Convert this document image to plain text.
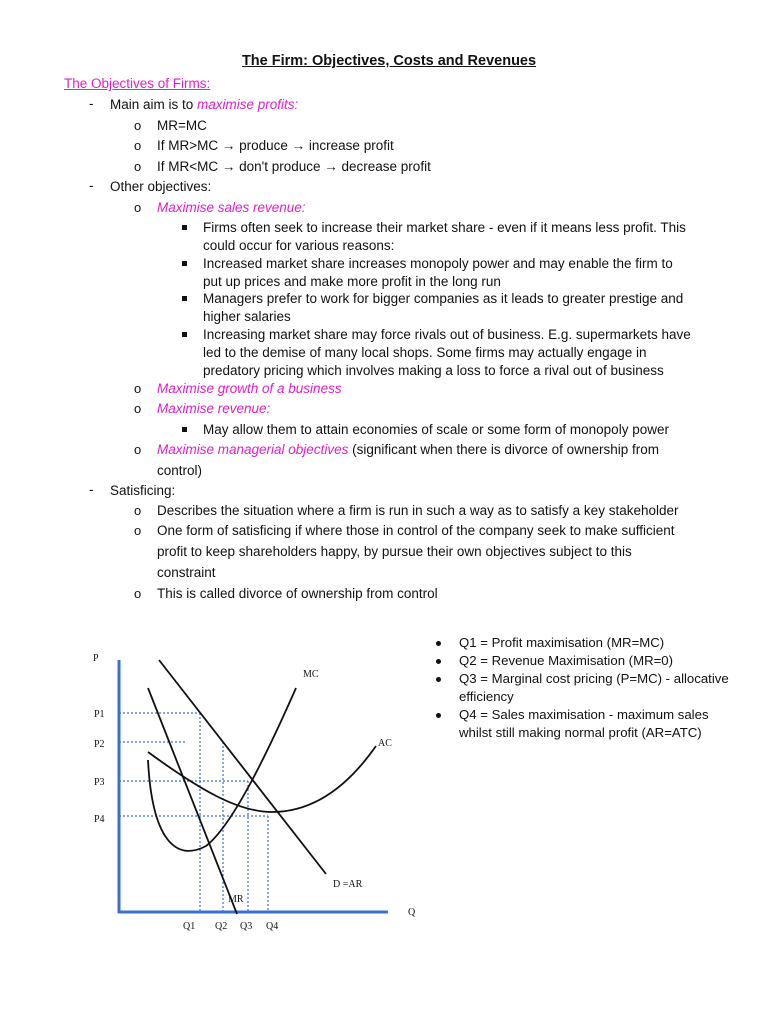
The Firm: Objectives, Costs and Revenues
The Objectives of Firms:
- Main aim is to maximise profits:
o MR=MC
o If MR>MC → produce → increase profit
o If MR<MC → don't produce → decrease profit
- Other objectives:
o Maximise sales revenue:
Firms often seek to increase their market share - even if it means less profit. This
could occur for various reasons:
Increased market share increases monopoly power and may enable the firm to
put up prices and make more profit in the long run
Managers prefer to work for bigger companies as it leads to greater prestige and
higher salaries
Increasing market share may force rivals out of business. E.g. supermarkets have
led to the demise of many local shops. Some firms may actually engage in
predatory pricing which involves making a loss to force a rival out of business
o Maximise growth of a business
o Maximise revenue:
May allow them to attain economies of scale or some form of monopoly power
o Maximise managerial objectives (significant when there is divorce of ownership from
control)
- Satisficing:
o Describes the situation where a firm is run in such a way as to satisfy a key stakeholder
o One form of satisficing if where those in control of the company seek to make sufficient
profit to keep shareholders happy, by pursue their own objectives subject to this
constraint
o This is called divorce of ownership from control
P
Q
P1
P2
P3
P4
Q1 Q2 Q3 Q4
MC
AC
D =AR
MR
Q1 = Profit maximisation (MR=MC)
Q2 = Revenue Maximisation (MR=0)
Q3 = Marginal cost pricing (P=MC) - allocative efficiency
Q4 = Sales maximisation - maximum sales whilst still making normal profit (AR=ATC)
